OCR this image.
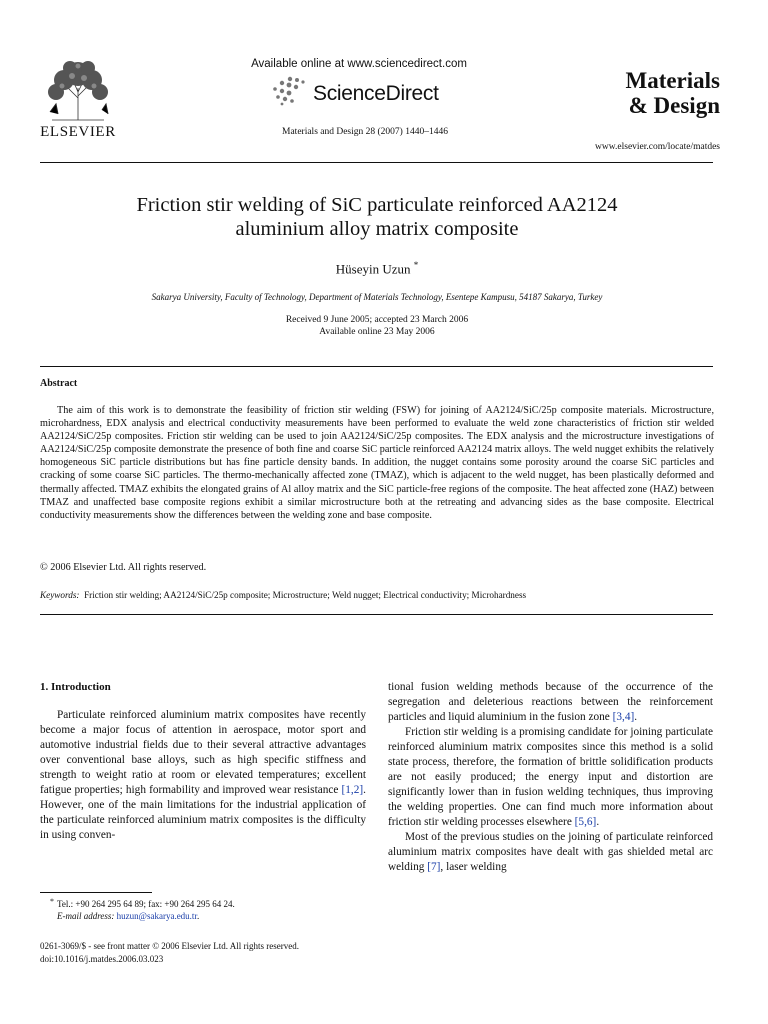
ELSEVIER
Available online at www.sciencedirect.com
ScienceDirect
Materials and Design 28 (2007) 1440–1446
Materials
& Design
www.elsevier.com/locate/matdes
Friction stir welding of SiC particulate reinforced AA2124
aluminium alloy matrix composite
Hüseyin Uzun *
Sakarya University, Faculty of Technology, Department of Materials Technology, Esentepe Kampusu, 54187 Sakarya, Turkey
Received 9 June 2005; accepted 23 March 2006
Available online 23 May 2006
Abstract
The aim of this work is to demonstrate the feasibility of friction stir welding (FSW) for joining of AA2124/SiC/25p composite materials. Microstructure, microhardness, EDX analysis and electrical conductivity measurements have been performed to evaluate the weld zone characteristics of friction stir welded AA2124/SiC/25p composites. Friction stir welding can be used to join AA2124/SiC/25p composites. The EDX analysis and the microstructure investigations of AA2124/SiC/25p composite demonstrate the presence of both fine and coarse SiC particle reinforced AA2124 matrix alloys. The weld nugget exhibits the relatively homogeneous SiC particle distributions but has fine particle density bands. In addition, the nugget contains some porosity around the coarse SiC particles and cracking of some coarse SiC particles. The thermo-mechanically affected zone (TMAZ), which is adjacent to the weld nugget, has been plastically deformed and thermally affected. TMAZ exhibits the elongated grains of Al alloy matrix and the SiC particle-free regions of the composite. The heat affected zone (HAZ) between TMAZ and unaffected base composite regions exhibit a similar microstructure both at the retreating and advancing sides as the base composite. Electrical conductivity measurements show the differences between the welding zone and base composite.
© 2006 Elsevier Ltd. All rights reserved.
Keywords: Friction stir welding; AA2124/SiC/25p composite; Microstructure; Weld nugget; Electrical conductivity; Microhardness
1. Introduction

Particulate reinforced aluminium matrix composites have recently become a major focus of attention in aerospace, motor sport and automotive industrial fields due to their several attractive advantages over conventional base alloys, such as high specific stiffness and strength to weight ratio at room or elevated temperatures; excellent fatigue properties; high formability and improved wear resistance [1,2]. However, one of the main limitations for the industrial application of the particulate reinforced aluminium matrix composites is the difficulty in using conven-

tional fusion welding methods because of the occurrence of the segregation and deleterious reactions between the reinforcement particles and liquid aluminium in the fusion zone [3,4].

Friction stir welding is a promising candidate for joining particulate reinforced aluminium matrix composites since this method is a solid state process, therefore, the formation of brittle solidification products are not easily produced; the energy input and distortion are significantly lower than in fusion welding techniques, thus improving the welding properties. One can find much more information about friction stir welding processes elsewhere [5,6].

Most of the previous studies on the joining of particulate reinforced aluminium matrix composites have dealt with gas shielded metal arc welding [7], laser welding

* Tel.: +90 264 295 64 89; fax: +90 264 295 64 24.
E-mail address: huzun@sakarya.edu.tr.
0261-3069/$ - see front matter © 2006 Elsevier Ltd. All rights reserved.
doi:10.1016/j.matdes.2006.03.023
